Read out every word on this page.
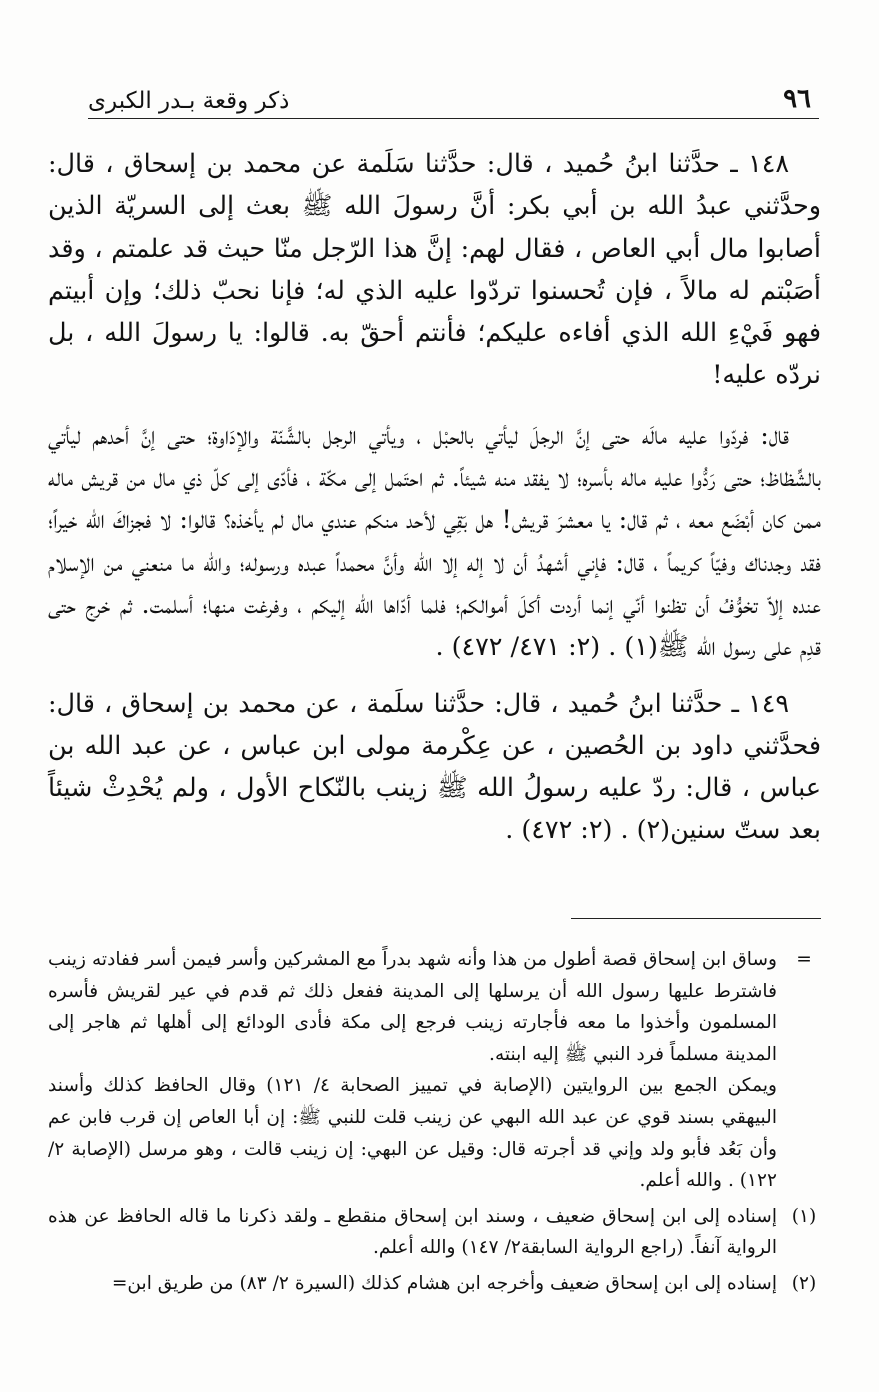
٩٦
ذكر وقعة بـدر الكبرى

١٤٨ ـ حدَّثنا ابنُ حُميد ، قال: حدَّثنا سَلَمة عن محمد بن إسحاق ، قال: وحدَّثني عبدُ الله بن أبي بكر: أنَّ رسولَ الله ﷺ بعث إلى السريّة الذين أصابوا مال أبي العاص ، فقال لهم: إنَّ هذا الرّجل منّا حيث قد علمتم ، وقد أصَبْتم له مالاً ، فإن تُحسنوا تردّوا عليه الذي له؛ فإنا نحبّ ذلك؛ وإن أبيتم فهو فَيْءِ الله الذي أفاءه عليكم؛ فأنتم أحقّ به. قالوا: يا رسولَ الله ، بل نردّه عليه!

قال: فردّوا عليه مالَه حتى إنَّ الرجلَ ليأتي بالحبْل ، ويأتي الرجل بالشَّنّة والإدَاوة؛ حتى إنَّ أحدهم ليأتي بالشِّظاظ؛ حتى رَدُّوا عليه ماله بأسره؛ لا يفقد منه شيئاً. ثم احتَمل إلى مكّة ، فأدّى إلى كلّ ذي مال من قريش ماله ممن كان أبْضَع معه ، ثم قال: يا معشرَ قريش! هل بَقِي لأحد منكم عندي مال لم يأخذه؟ قالوا: لا فجزاكَ الله خيراً؛ فقد وجدناك وفيّاً كريماً ، قال: فإني أشهدُ أن لا إله إلا الله وأنَّ محمداً عبده ورسوله؛ والله ما منعني من الإسلام عنده إلاّ تخوُّفُ أن تظنوا أنّي إنما أردت أكلَ أموالكم؛ فلما أدّاها الله إليكم ، وفرغت منها؛ أسلمت. ثم خرج حتى قدِم على رسول الله ﷺ(١) . (٢: ٤٧١/ ٤٧٢) .

١٤٩ ـ حدَّثنا ابنُ حُميد ، قال: حدَّثنا سلَمة ، عن محمد بن إسحاق ، قال: فحدَّثني داود بن الحُصين ، عن عِكْرمة مولى ابن عباس ، عن عبد الله بن عباس ، قال: ردّ عليه رسولُ الله ﷺ زينب بالنّكاح الأول ، ولم يُحْدِثْ شيئاً بعد ستّ سنين(٢) . (٢: ٤٧٢) .

=

وساق ابن إسحاق قصة أطول من هذا وأنه شهد بدراً مع المشركين وأسر فيمن أسر ففادته زينب فاشترط عليها رسول الله أن يرسلها إلى المدينة ففعل ذلك ثم قدم في عير لقريش فأسره المسلمون وأخذوا ما معه فأجارته زينب فرجع إلى مكة فأدى الودائع إلى أهلها ثم هاجر إلى المدينة مسلماً فرد النبي ﷺ إليه ابنته.

ويمكن الجمع بين الروايتين (الإصابة في تمييز الصحابة ٤/ ١٢١) وقال الحافظ كذلك وأسند البيهقي بسند قوي عن عبد الله البهي عن زينب قلت للنبي ﷺ: إن أبا العاص إن قرب فابن عم وأن بَعُد فأبو ولد وإني قد أجرته قال: وقيل عن البهي: إن زينب قالت ، وهو مرسل (الإصابة ٢/ ١٢٢) . والله أعلم.

(١)

إسناده إلى ابن إسحاق ضعيف ، وسند ابن إسحاق منقطع ـ ولقد ذكرنا ما قاله الحافظ عن هذه الرواية آنفاً. (راجع الرواية السابقة٢/ ١٤٧) والله أعلم.

(٢)

إسناده إلى ابن إسحاق ضعيف وأخرجه ابن هشام كذلك (السيرة ٢/ ٨٣) من طريق ابن=
